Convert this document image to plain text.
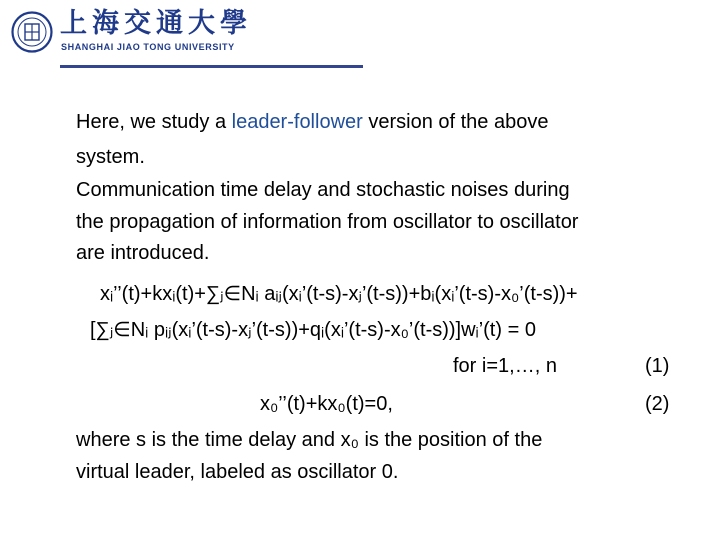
上海交通大學
SHANGHAI JIAO TONG UNIVERSITY
Here, we study a leader-follower version of the above
system.
Communication time delay and stochastic noises during
the propagation of information from oscillator to oscillator
are introduced.
xᵢ’’(t)+kxᵢ(t)+∑ⱼ∈Nᵢ aᵢⱼ(xᵢ’(t-s)-xⱼ’(t-s))+bᵢ(xᵢ’(t-s)-x₀’(t-s))+
[∑ⱼ∈Nᵢ pᵢⱼ(xᵢ’(t-s)-xⱼ’(t-s))+qᵢ(xᵢ’(t-s)-x₀’(t-s))]wᵢ’(t) = 0
for i=1,…, n	(1)
x₀’’(t)+kx₀(t)=0,	(2)
where s is the time delay and x₀ is the position of the
virtual leader, labeled as oscillator 0.
